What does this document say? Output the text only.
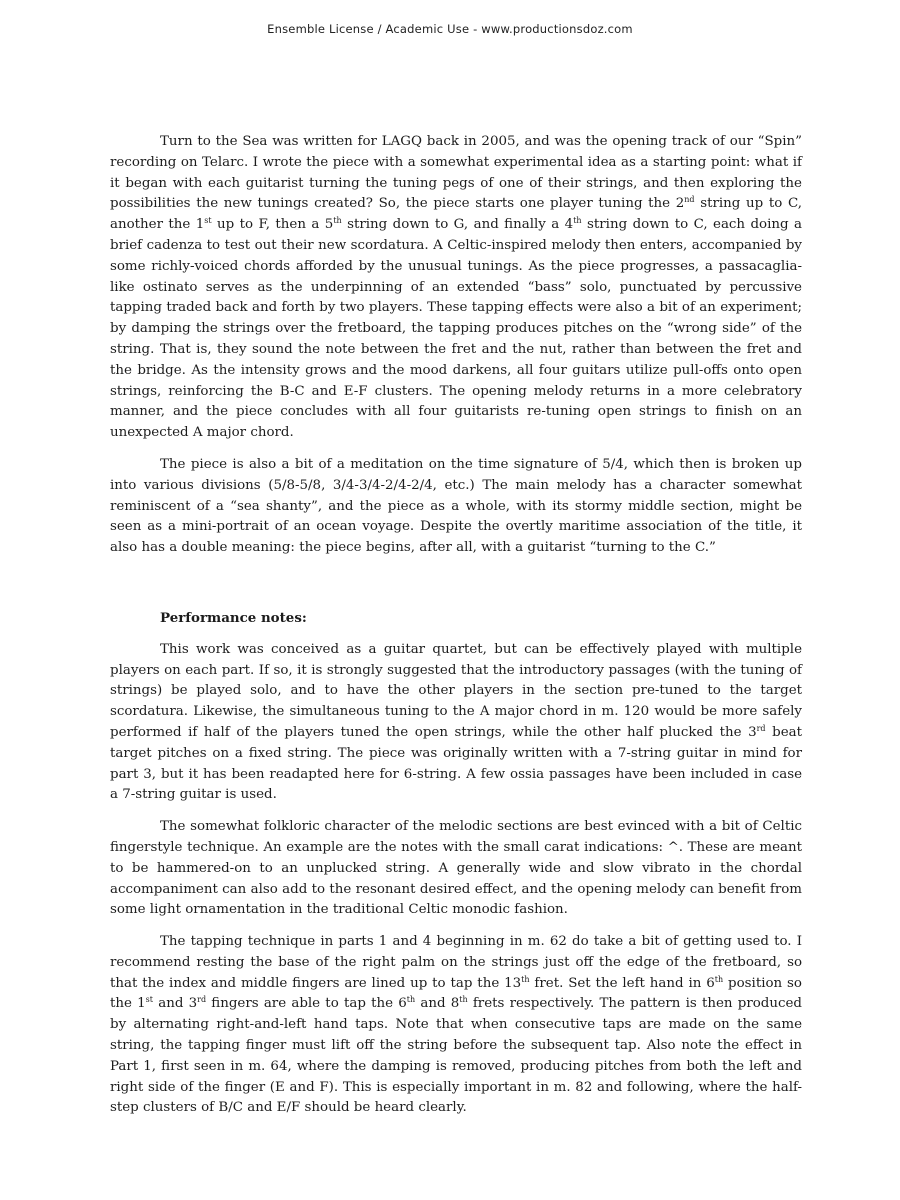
Ensemble License / Academic Use - www.productionsdoz.com

Turn to the Sea was written for LAGQ back in 2005, and was the opening track of our “Spin” recording on Telarc. I wrote the piece with a somewhat experimental idea as a starting point: what if it began with each guitarist turning the tuning pegs of one of their strings, and then exploring the possibilities the new tunings created? So, the piece starts one player tuning the 2nd string up to C, another the 1st up to F, then a 5th string down to G, and finally a 4th string down to C, each doing a brief cadenza to test out their new scordatura. A Celtic-inspired melody then enters, accompanied by some richly-voiced chords afforded by the unusual tunings. As the piece progresses, a passacaglia-like ostinato serves as the underpinning of an extended “bass” solo, punctuated by percussive tapping traded back and forth by two players. These tapping effects were also a bit of an experiment; by damping the strings over the fretboard, the tapping produces pitches on the “wrong side” of the string. That is, they sound the note between the fret and the nut, rather than between the fret and the bridge. As the intensity grows and the mood darkens, all four guitars utilize pull-offs onto open strings, reinforcing the B-C and E-F clusters. The opening melody returns in a more celebratory manner, and the piece concludes with all four guitarists re-tuning open strings to finish on an unexpected A major chord.

The piece is also a bit of a meditation on the time signature of 5/4, which then is broken up into various divisions (5/8-5/8, 3/4-3/4-2/4-2/4, etc.) The main melody has a character somewhat reminiscent of a “sea shanty”, and the piece as a whole, with its stormy middle section, might be seen as a mini-portrait of an ocean voyage. Despite the overtly maritime association of the title, it also has a double meaning: the piece begins, after all, with a guitarist “turning to the C.”

Performance notes:

This work was conceived as a guitar quartet, but can be effectively played with multiple players on each part. If so, it is strongly suggested that the introductory passages (with the tuning of strings) be played solo, and to have the other players in the section pre-tuned to the target scordatura. Likewise, the simultaneous tuning to the A major chord in m. 120 would be more safely performed if half of the players tuned the open strings, while the other half plucked the 3rd beat target pitches on a fixed string. The piece was originally written with a 7-string guitar in mind for part 3, but it has been readapted here for 6-string. A few ossia passages have been included in case a 7-string guitar is used.

The somewhat folkloric character of the melodic sections are best evinced with a bit of Celtic fingerstyle technique. An example are the notes with the small carat indications: ^. These are meant to be hammered-on to an unplucked string. A generally wide and slow vibrato in the chordal accompaniment can also add to the resonant desired effect, and the opening melody can benefit from some light ornamentation in the traditional Celtic monodic fashion.

The tapping technique in parts 1 and 4 beginning in m. 62 do take a bit of getting used to. I recommend resting the base of the right palm on the strings just off the edge of the fretboard, so that the index and middle fingers are lined up to tap the 13th fret. Set the left hand in 6th position so the 1st and 3rd fingers are able to tap the 6th and 8th frets respectively. The pattern is then produced by alternating right-and-left hand taps. Note that when consecutive taps are made on the same string, the tapping finger must lift off the string before the subsequent tap. Also note the effect in Part 1, first seen in m. 64, where the damping is removed, producing pitches from both the left and right side of the finger (E and F). This is especially important in m. 82 and following, where the half-step clusters of B/C and E/F should be heard clearly.
